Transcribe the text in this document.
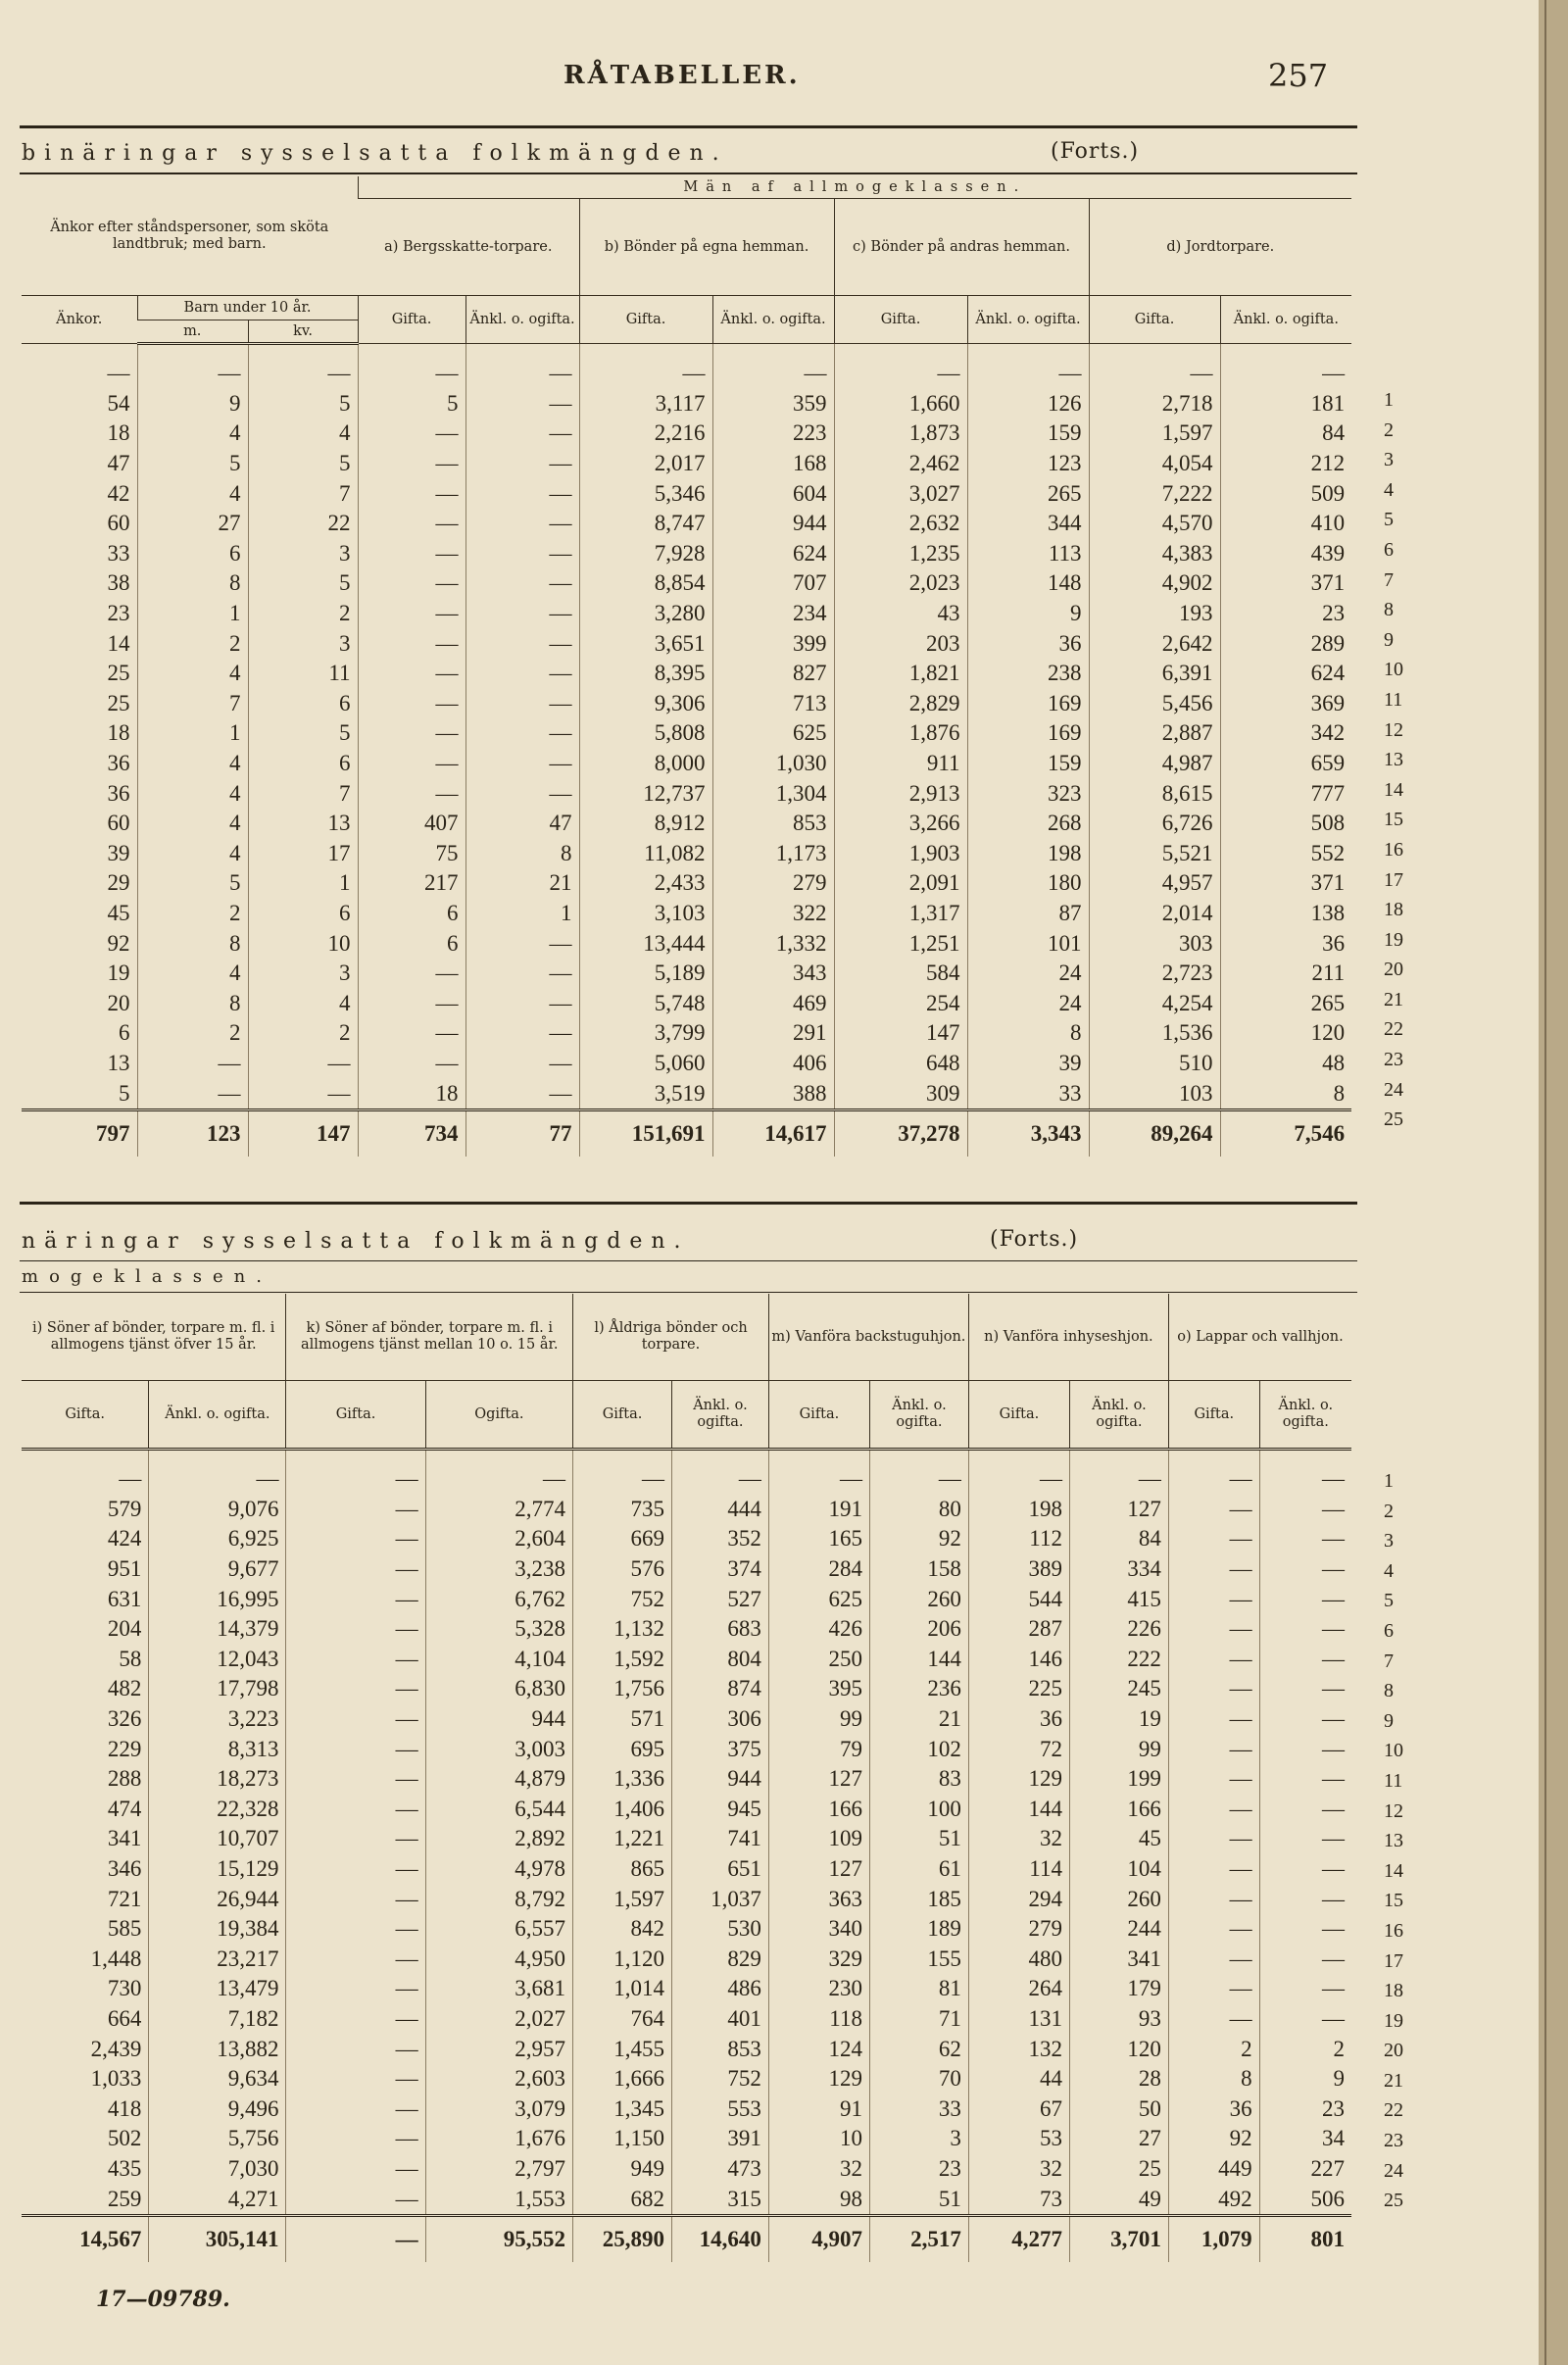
RÅTABELLER.	257
binäringar sysselsatta folkmängden.	(Forts.)
Änkor efter ståndspersoner, som sköta landtbruk; med barn.			Män af allmogeklassen.							
			a) Bergsskatte-torpare.		b) Bönder på egna hemman.		c) Bönder på andras hemman.		d) Jordtorpare.	
Änkor.	Barn under 10 år.		Gifta.	Änkl. o. ogifta.	Gifta.	Änkl. o. ogifta.	Gifta.	Änkl. o. ogifta.	Gifta.	Änkl. o. ogifta.
	m.	kv.								

—	—	—	—	—	—	—	—	—	—	—
54	9	5	5	—	3,117	359	1,660	126	2,718	181
18	4	4	—	—	2,216	223	1,873	159	1,597	84
47	5	5	—	—	2,017	168	2,462	123	4,054	212
42	4	7	—	—	5,346	604	3,027	265	7,222	509
60	27	22	—	—	8,747	944	2,632	344	4,570	410
33	6	3	—	—	7,928	624	1,235	113	4,383	439
38	8	5	—	—	8,854	707	2,023	148	4,902	371
23	1	2	—	—	3,280	234	43	9	193	23
14	2	3	—	—	3,651	399	203	36	2,642	289
25	4	11	—	—	8,395	827	1,821	238	6,391	624
25	7	6	—	—	9,306	713	2,829	169	5,456	369
18	1	5	—	—	5,808	625	1,876	169	2,887	342
36	4	6	—	—	8,000	1,030	911	159	4,987	659
36	4	7	—	—	12,737	1,304	2,913	323	8,615	777
60	4	13	407	47	8,912	853	3,266	268	6,726	508
39	4	17	75	8	11,082	1,173	1,903	198	5,521	552
29	5	1	217	21	2,433	279	2,091	180	4,957	371
45	2	6	6	1	3,103	322	1,317	87	2,014	138
92	8	10	6	—	13,444	1,332	1,251	101	303	36
19	4	3	—	—	5,189	343	584	24	2,723	211
20	8	4	—	—	5,748	469	254	24	4,254	265
6	2	2	—	—	3,799	291	147	8	1,536	120
13	—	—	—	—	5,060	406	648	39	510	48
5	—	—	18	—	3,519	388	309	33	103	8
797	123	147	734	77	151,691	14,617	37,278	3,343	89,264	7,546
1
2
3
4
5
6
7
8
9
10
11
12
13
14
15
16
17
18
19
20
21
22
23
24
25
näringar sysselsatta folkmängden.	(Forts.)
mogeklassen.
i) Söner af bönder, torpare m. fl. i allmogens tjänst öfver 15 år.		k) Söner af bönder, torpare m. fl. i allmogens tjänst mellan 10 o. 15 år.		l) Åldriga bönder och torpare.		m) Vanföra backstuguhjon.		n) Vanföra inhyseshjon.		o) Lappar och vallhjon.	
Gifta.	Änkl. o. ogifta.	Gifta.	Ogifta.	Gifta.	Änkl. o. ogifta.	Gifta.	Änkl. o. ogifta.	Gifta.	Änkl. o. ogifta.	Gifta.	Änkl. o. ogifta.

—	—	—	—	—	—	—	—	—	—	—	—
579	9,076	—	2,774	735	444	191	80	198	127	—	—
424	6,925	—	2,604	669	352	165	92	112	84	—	—
951	9,677	—	3,238	576	374	284	158	389	334	—	—
631	16,995	—	6,762	752	527	625	260	544	415	—	—
204	14,379	—	5,328	1,132	683	426	206	287	226	—	—
58	12,043	—	4,104	1,592	804	250	144	146	222	—	—
482	17,798	—	6,830	1,756	874	395	236	225	245	—	—
326	3,223	—	944	571	306	99	21	36	19	—	—
229	8,313	—	3,003	695	375	79	102	72	99	—	—
288	18,273	—	4,879	1,336	944	127	83	129	199	—	—
474	22,328	—	6,544	1,406	945	166	100	144	166	—	—
341	10,707	—	2,892	1,221	741	109	51	32	45	—	—
346	15,129	—	4,978	865	651	127	61	114	104	—	—
721	26,944	—	8,792	1,597	1,037	363	185	294	260	—	—
585	19,384	—	6,557	842	530	340	189	279	244	—	—
1,448	23,217	—	4,950	1,120	829	329	155	480	341	—	—
730	13,479	—	3,681	1,014	486	230	81	264	179	—	—
664	7,182	—	2,027	764	401	118	71	131	93	—	—
2,439	13,882	—	2,957	1,455	853	124	62	132	120	2	2
1,033	9,634	—	2,603	1,666	752	129	70	44	28	8	9
418	9,496	—	3,079	1,345	553	91	33	67	50	36	23
502	5,756	—	1,676	1,150	391	10	3	53	27	92	34
435	7,030	—	2,797	949	473	32	23	32	25	449	227
259	4,271	—	1,553	682	315	98	51	73	49	492	506
14,567	305,141	—	95,552	25,890	14,640	4,907	2,517	4,277	3,701	1,079	801
1
2
3
4
5
6
7
8
9
10
11
12
13
14
15
16
17
18
19
20
21
22
23
24
25
17—09789.
